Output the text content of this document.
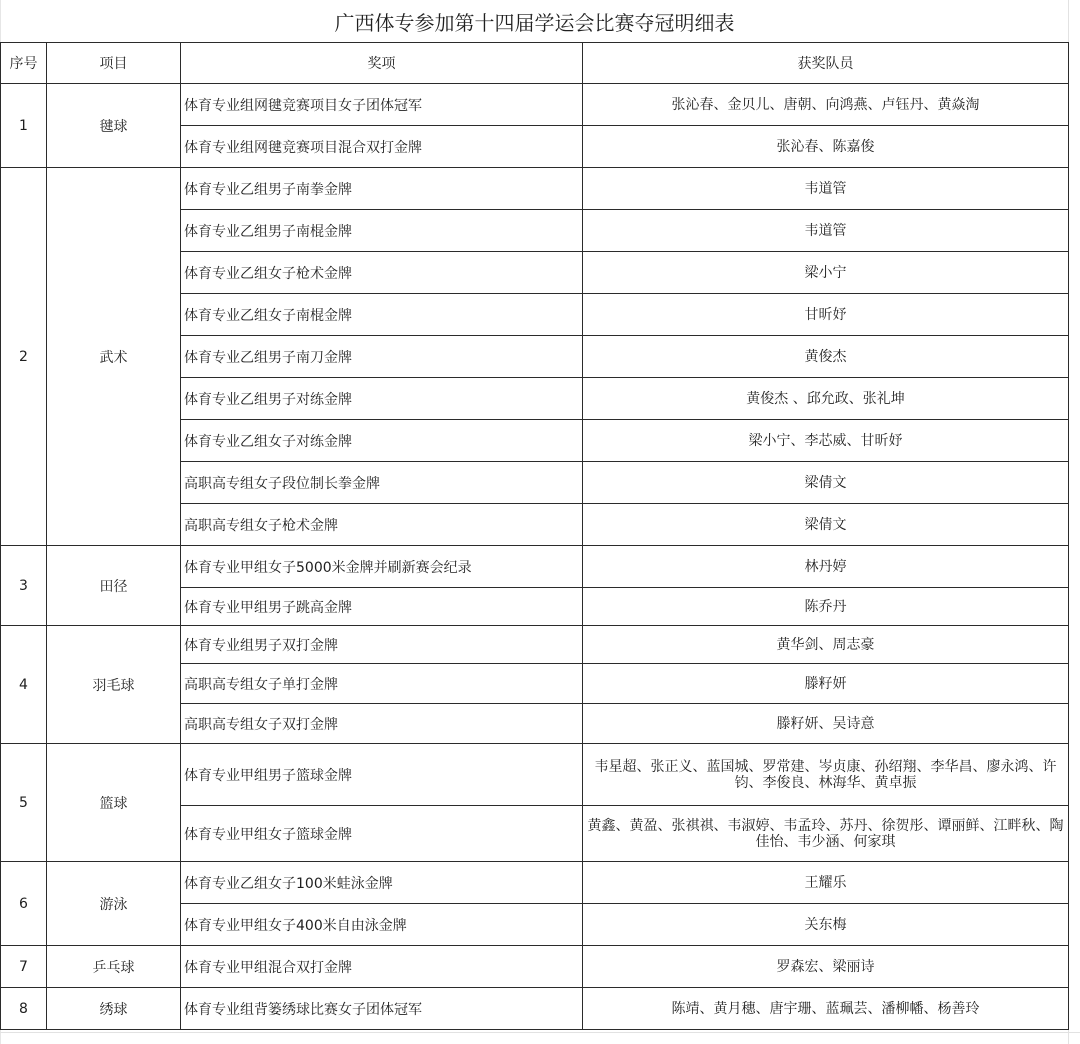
广西体专参加第十四届学运会比赛夺冠明细表			
序号	项目	奖项	获奖队员
1	毽球	体育专业组网毽竞赛项目女子团体冠军	张沁春、金贝儿、唐朝、向鸿燕、卢钰丹、黄焱淘
		体育专业组网毽竞赛项目混合双打金牌	张沁春、陈嘉俊
2	武术	体育专业乙组男子南拳金牌	韦道管
		体育专业乙组男子南棍金牌	韦道管
		体育专业乙组女子枪术金牌	梁小宁
		体育专业乙组女子南棍金牌	甘昕妤
		体育专业乙组男子南刀金牌	黄俊杰
		体育专业乙组男子对练金牌	黄俊杰 、邱允政、张礼坤
		体育专业乙组女子对练金牌	梁小宁、李芯威、甘昕妤
		高职高专组女子段位制长拳金牌	梁倩文
		高职高专组女子枪术金牌	梁倩文
3	田径	体育专业甲组女子5000米金牌并刷新赛会纪录	林丹婷
		体育专业甲组男子跳高金牌	陈乔丹
4	羽毛球	体育专业组男子双打金牌	黄华剑、周志豪
		高职高专组女子单打金牌	滕籽妍
		高职高专组女子双打金牌	滕籽妍、吴诗意
5	篮球	体育专业甲组男子篮球金牌	韦星超、张正义、蓝国城、罗常建、岑贞康、孙绍翔、李华昌、廖永鸿、许钧、李俊良、林海华、黄卓振
		体育专业甲组女子篮球金牌	黄鑫、黄盈、张祺祺、韦淑婷、韦孟玲、苏丹、徐贺彤、谭丽鲜、江畔秋、陶佳怡、韦少涵、何家琪
6	游泳	体育专业乙组女子100米蛙泳金牌	王耀乐
		体育专业甲组女子400米自由泳金牌	关东梅
7	乒乓球	体育专业甲组混合双打金牌	罗森宏、梁丽诗
8	绣球	体育专业组背篓绣球比赛女子团体冠军	陈靖、黄月穗、唐宇珊、蓝珮芸、潘柳幡、杨善玲
